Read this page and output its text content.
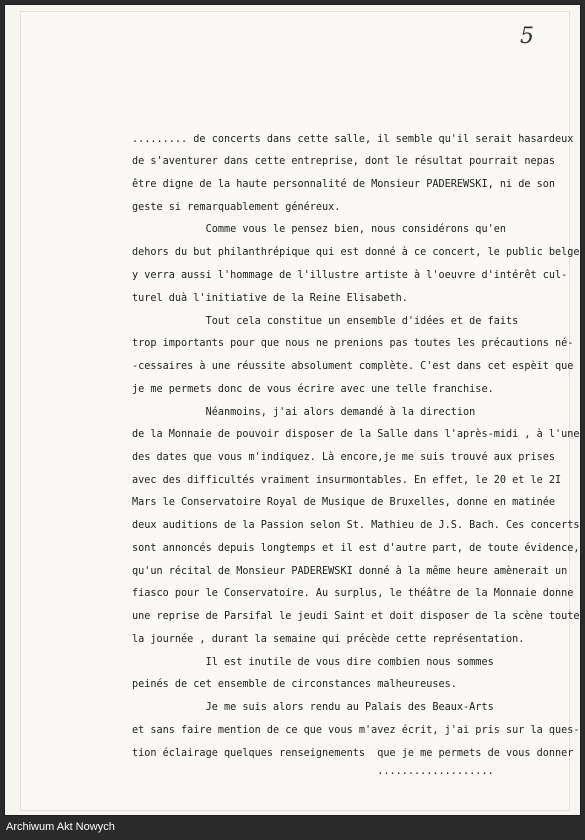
5
......... de concerts dans cette salle, il semble qu'il serait hasardeux
de s'aventurer dans cette entreprise, dont le résultat pourrait nepas
être digne de la haute personnalité de Monsieur PADEREWSKI, ni de son
geste si remarquablement généreux.
Comme vous le pensez bien, nous considérons qu'en
dehors du but philanthrépique qui est donné à ce concert, le public belge
y verra aussi l'hommage de l'illustre artiste à l'oeuvre d'intérêt cul-
turel duà l'initiative de la Reine Elisabeth.
Tout cela constitue un ensemble d'idées et de faits
trop importants pour que nous ne prenions pas toutes les précautions né-
-cessaires à une réussite absolument complète. C'est dans cet espèit que
je me permets donc de vous écrire avec une telle franchise.
Néanmoins, j'ai alors demandé à la direction
de la Monnaie de pouvoir disposer de la Salle dans l'après-midi , à l'une
des dates que vous m'indiquez. Là encore,je me suis trouvé aux prises
avec des difficultés vraiment insurmontables. En effet, le 20 et le 2I
Mars le Conservatoire Royal de Musique de Bruxelles, donne en matinée
deux auditions de la Passion selon St. Mathieu de J.S. Bach. Ces concerts
sont annoncés depuis longtemps et il est d'autre part, de toute évidence,
qu'un récital de Monsieur PADEREWSKI donné à la même heure amènerait un
fiasco pour le Conservatoire. Au surplus, le théâtre de la Monnaie donne
une reprise de Parsifal le jeudi Saint et doit disposer de la scène toute
la journée , durant la semaine qui précède cette représentation.
Il est inutile de vous dire combien nous sommes
peinés de cet ensemble de circonstances malheureuses.
Je me suis alors rendu au Palais des Beaux-Arts
et sans faire mention de ce que vous m'avez écrit, j'ai pris sur la ques-
tion éclairage quelques renseignements  que je me permets de vous donner
...................
Archiwum Akt Nowych
